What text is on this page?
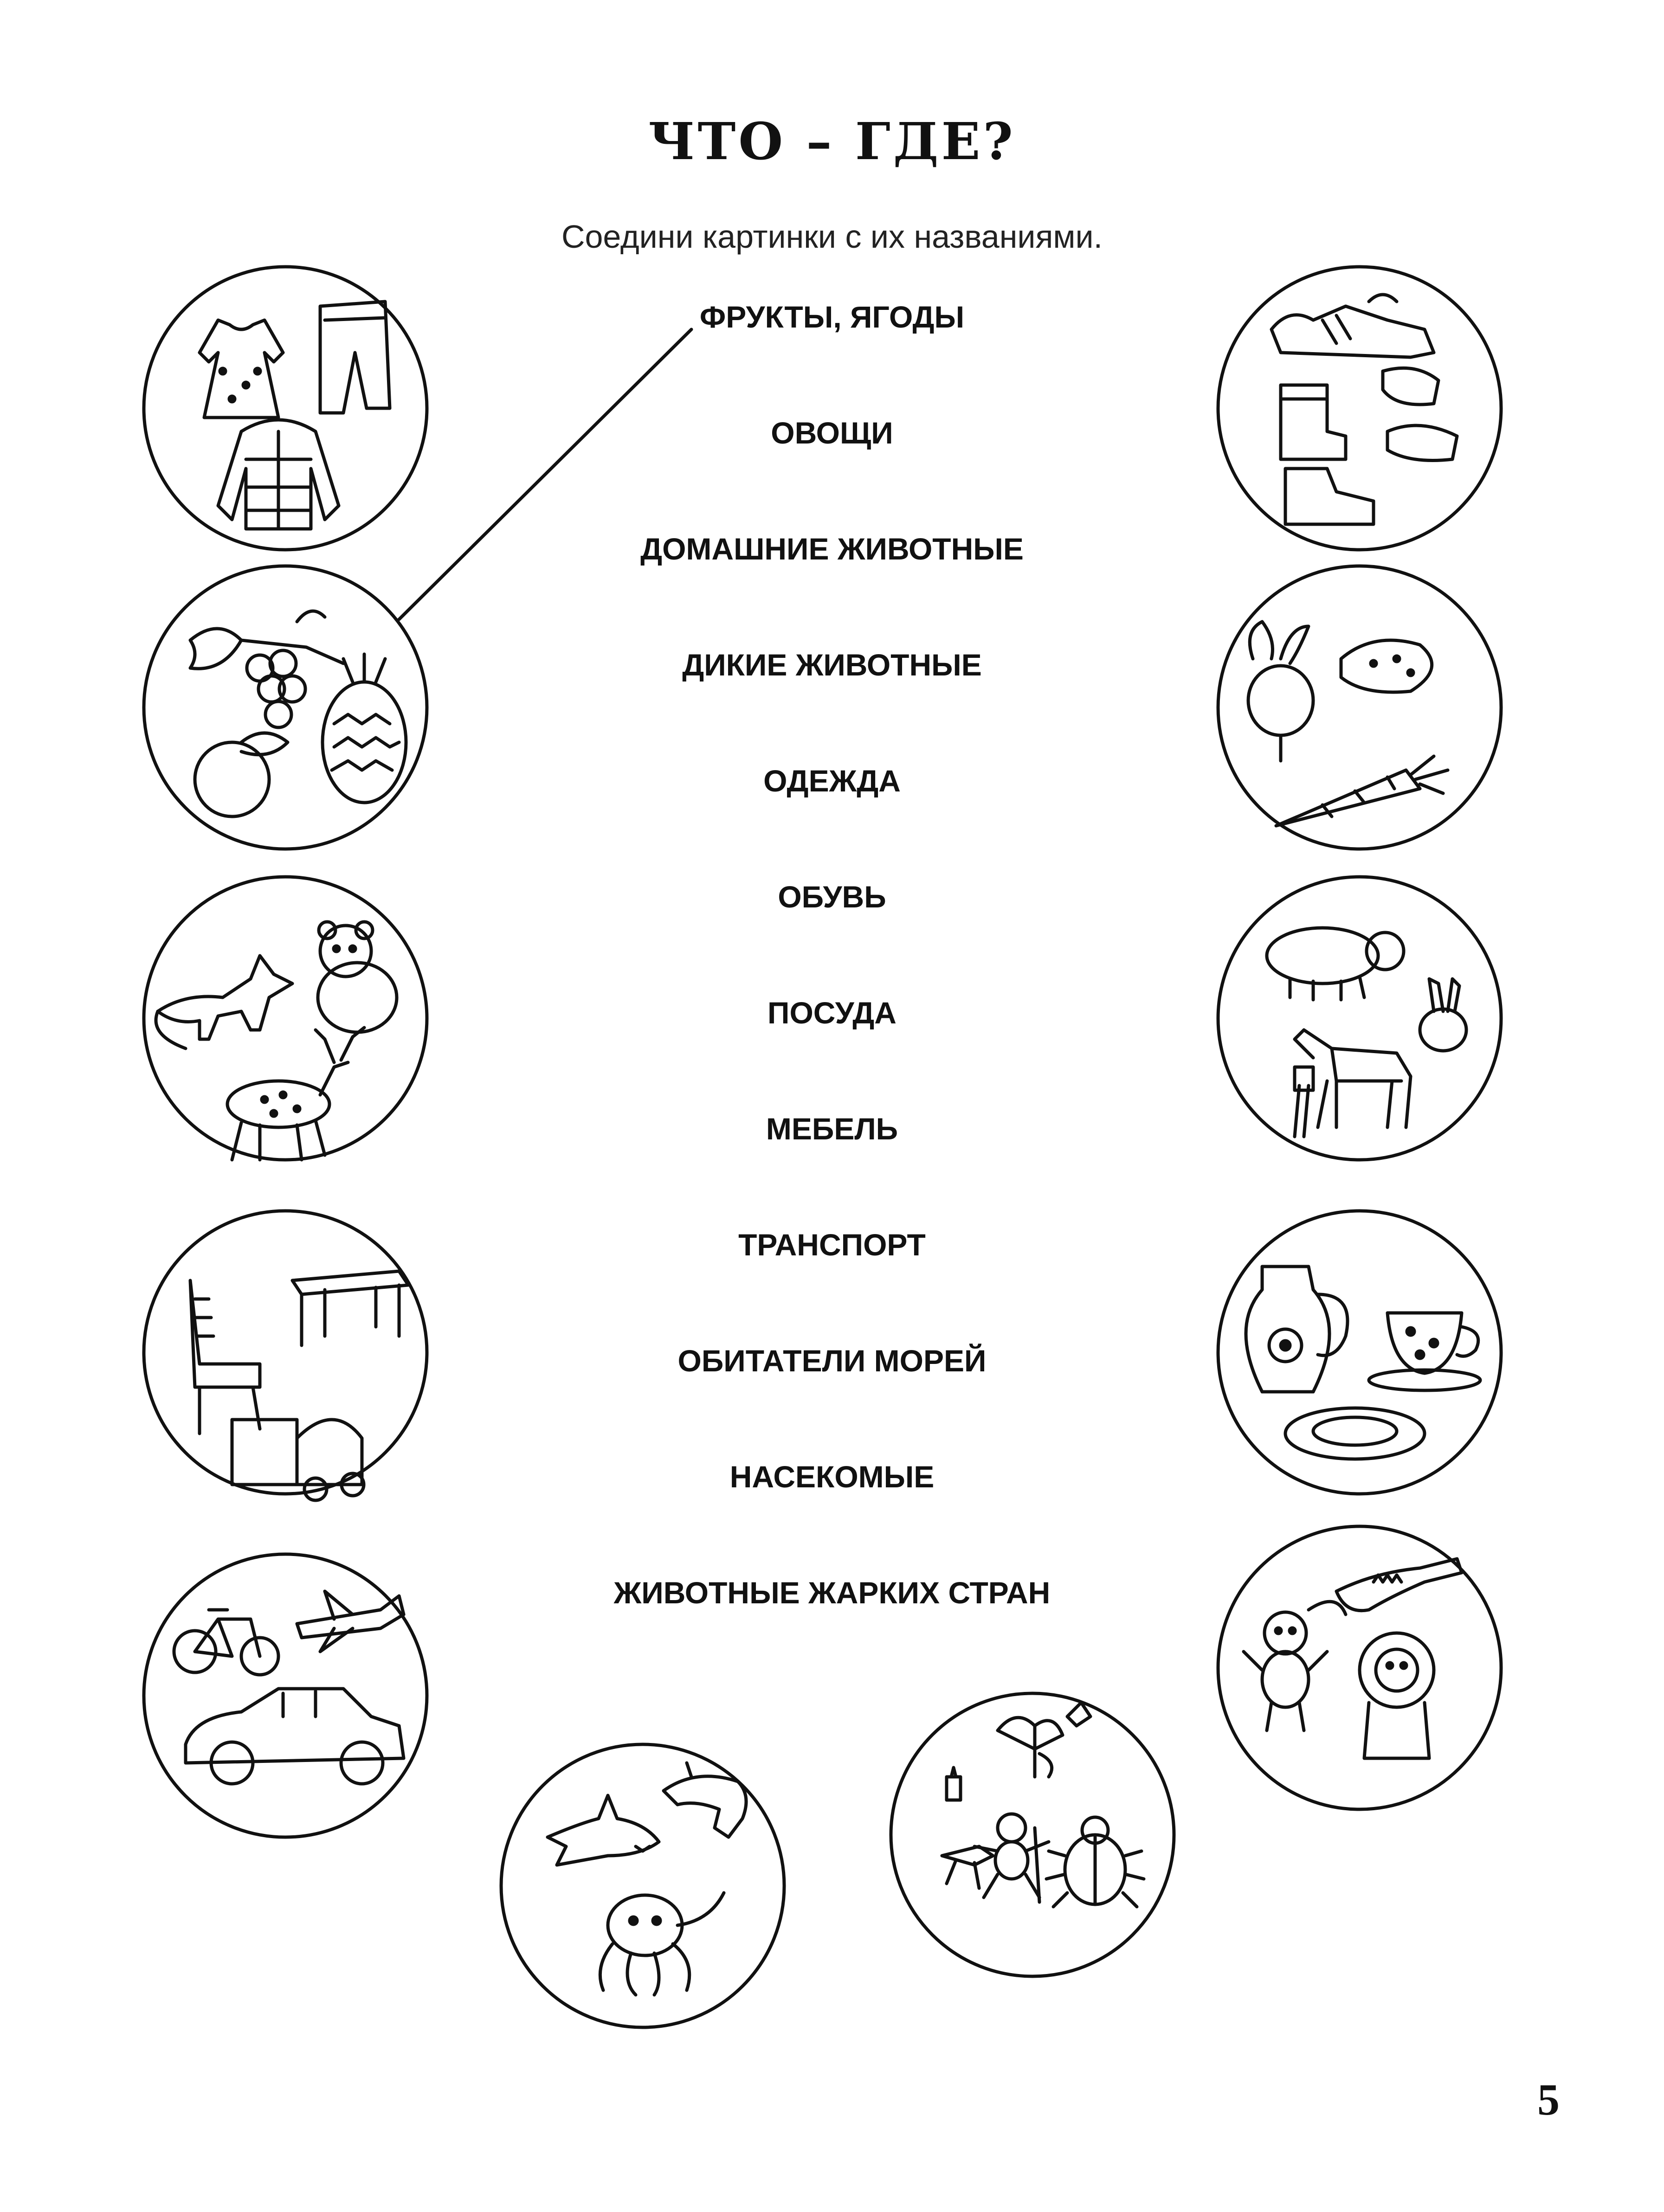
ЧТО – ГДЕ?
Соедини картинки с их названиями.
ФРУКТЫ, ЯГОДЫ
ОВОЩИ
ДОМАШНИЕ ЖИВОТНЫЕ
ДИКИЕ ЖИВОТНЫЕ
ОДЕЖДА
ОБУВЬ
ПОСУДА
МЕБЕЛЬ
ТРАНСПОРТ
ОБИТАТЕЛИ МОРЕЙ
НАСЕКОМЫЕ
ЖИВОТНЫЕ ЖАРКИХ СТРАН
5
